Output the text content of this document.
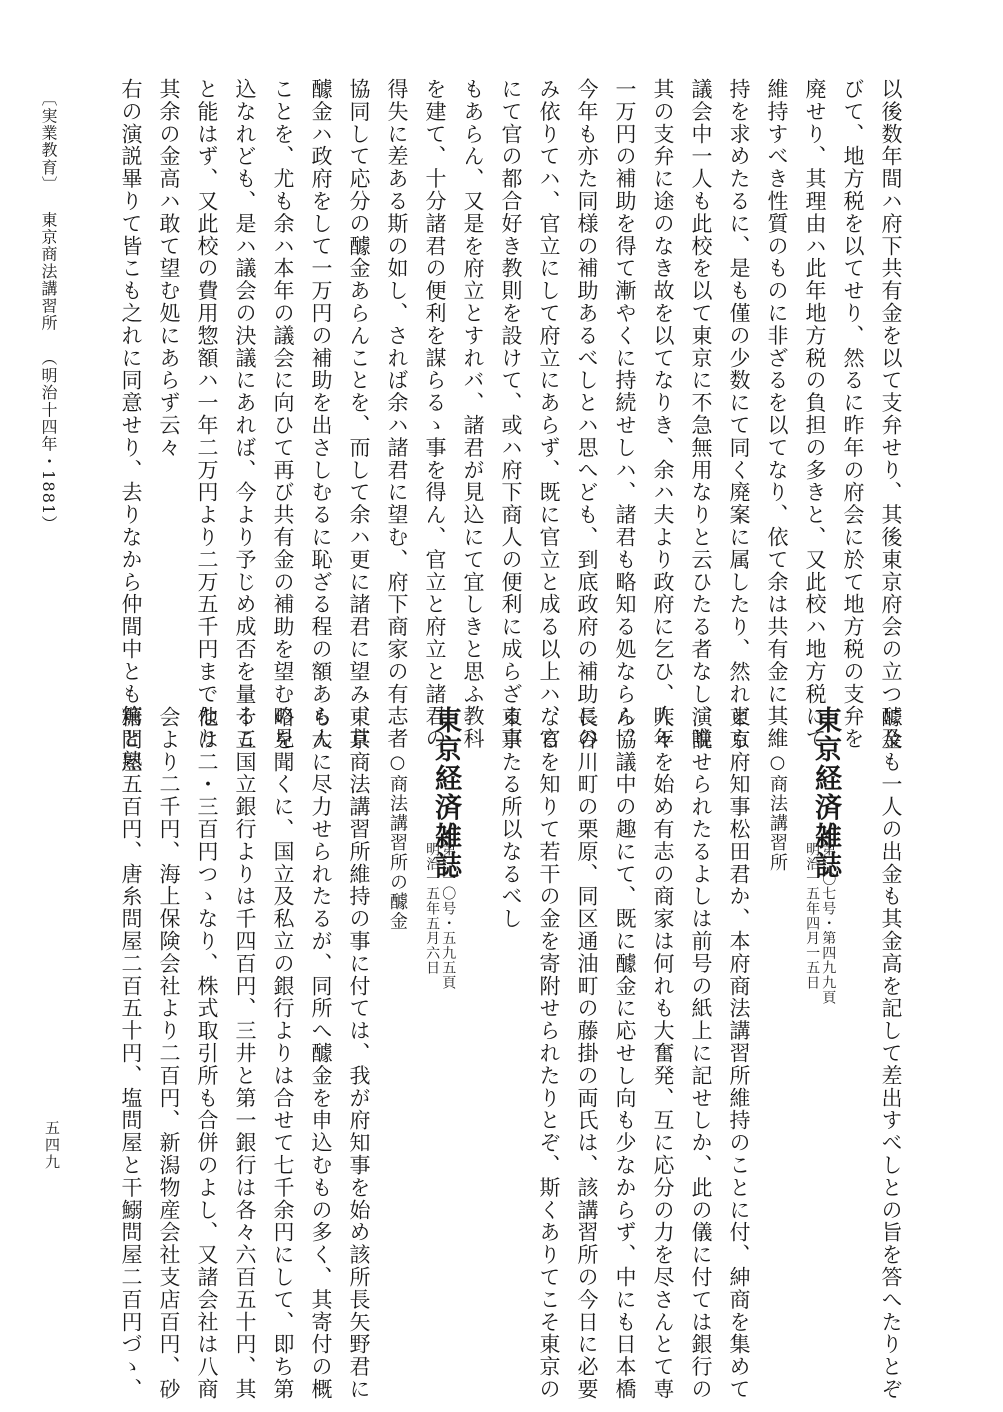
以後数年間ハ府下共有金を以て支弁せり、其後東京府会の立つに及
びて、地方税を以てせり、然るに昨年の府会に於て地方税の支弁を
廃せり、其理由ハ此年地方税の負担の多きと、又此校ハ地方税にて
維持すべき性質のものに非ざるを以てなり、依て余は共有金に其維
持を求めたるに、是も僅の少数にて同く廃案に属したり、然れども
議会中一人も此校を以て東京に不急無用なりと云ひたる者なし、唯
其の支弁に途のなき故を以てなりき、余ハ夫より政府に乞ひ、昨年
一万円の補助を得て漸やくに持続せしハ、諸君も略知る処ならん、
今年も亦た同様の補助あるべしとハ思へども、到底政府の補助にの
み依りてハ、官立にして府立にあらず、既に官立と成る以上ハ、官
にて官の都合好き教則を設けて、或ハ府下商人の便利に成らざる事
もあらん、又是を府立とすれバ、諸君が見込にて宜しきと思ふ教科
を建て、十分諸君の便利を謀らるゝ事を得ん、官立と府立と諸君の
得失に差ある斯の如し、されば余ハ諸君に望む、府下商家の有志者
協同して応分の醵金あらんことを、而して余ハ更に諸君に望み、其
醵金ハ政府をして一万円の補助を出さしむるに恥ざる程の額あらん
ことを、尤も余ハ本年の議会に向ひて再び共有金の補助を望むの見
込なれども、是ハ議会の決議にあれば、今より予じめ成否を量るこ
と能はず、又此校の費用惣額ハ一年二万円より二万五千円までなり
其余の金高ハ敢て望む処にあらず云々
右の演説畢りて皆こも之れに同意せり、去りなから仲間中とも篤と熟
〔実業教育〕東京商法講習所（明治十四年・1881）
醵金も一人の出金も其金高を記して差出すべしとの旨を答へたりとぞ
東京経済雑誌
第一〇七号・第四九九頁
明治一五年四月一五日
○商法講習所
東京府知事松田君か、本府商法講習所維持のことに付、紳商を集めて
演説せられたるよしは前号の紙上に記せしか、此の儀に付ては銀行の
人々を始め有志の商家は何れも大奮発、互に応分の力を尽さんとて専
ら協議中の趣にて、既に醵金に応せし向も少なからず、中にも日本橋
長谷川町の栗原、同区通油町の藤掛の両氏は、該講習所の今日に必要
なるを知りて若干の金を寄附せられたりとぞ、斯くありてこそ東京の
東京たる所以なるべし
東京経済雑誌
第一一〇号・五九五頁
明治一五年五月六日
○商法講習所の醵金
東京商法講習所維持の事に付ては、我が府知事を始め該所長矢野君に
も大に尽力せられたるが、同所へ醵金を申込むもの多く、其寄付の概
略を聞くに、国立及私立の銀行よりは合せて七千余円にして、即ち第
十五国立銀行よりは千四百円、三井と第一銀行は各々六百五十円、其
他は二・三百円つゝなり、株式取引所も合併のよし、又諸会社は八商
会より二千円、海上保険会社より二百円、新潟物産会社支店百円、砂
糖問屋五百円、唐糸問屋二百五十円、塩問屋と干鰯問屋二百円づゝ、
五四九
